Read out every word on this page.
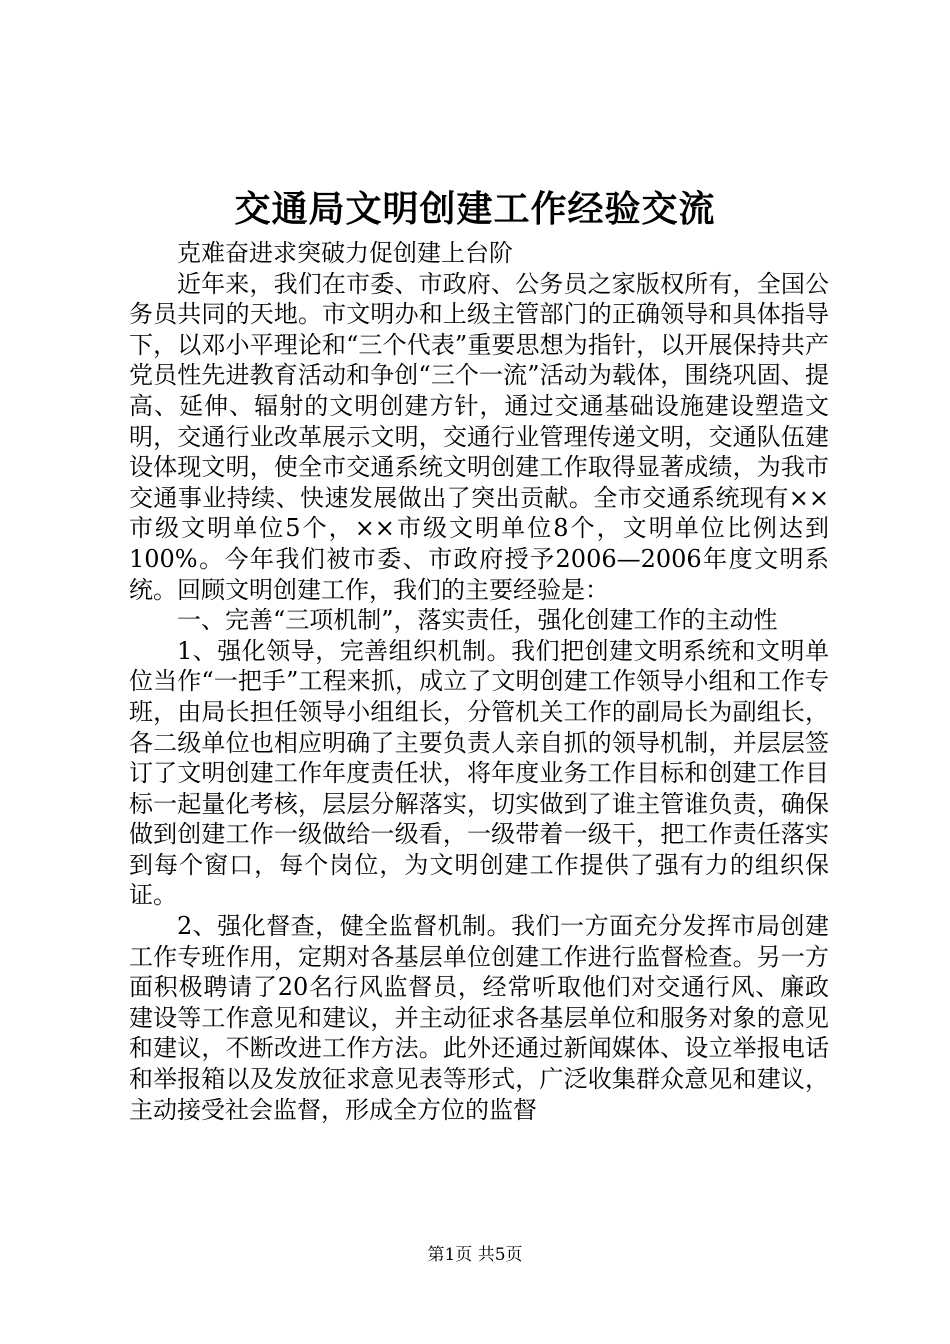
交通局文明创建工作经验交流

克难奋进求突破力促创建上台阶

近年来，我们在市委、市政府、公务员之家版权所有，全国公务员共同的天地。市文明办和上级主管部门的正确领导和具体指导下，以邓小平理论和“三个代表”重要思想为指针，以开展保持共产党员性先进教育活动和争创“三个一流”活动为载体，围绕巩固、提高、延伸、辐射的文明创建方针，通过交通基础设施建设塑造文明，交通行业改革展示文明，交通行业管理传递文明，交通队伍建设体现文明，使全市交通系统文明创建工作取得显著成绩，为我市交通事业持续、快速发展做出了突出贡献。全市交通系统现有××市级文明单位5个，××市级文明单位8个，文明单位比例达到100%。今年我们被市委、市政府授予2006—2006年度文明系统。回顾文明创建工作，我们的主要经验是：

一、完善“三项机制”，落实责任，强化创建工作的主动性

1、强化领导，完善组织机制。我们把创建文明系统和文明单位当作“一把手”工程来抓，成立了文明创建工作领导小组和工作专班，由局长担任领导小组组长，分管机关工作的副局长为副组长，各二级单位也相应明确了主要负责人亲自抓的领导机制，并层层签订了文明创建工作年度责任状，将年度业务工作目标和创建工作目标一起量化考核，层层分解落实，切实做到了谁主管谁负责，确保做到创建工作一级做给一级看，一级带着一级干，把工作责任落实到每个窗口，每个岗位，为文明创建工作提供了强有力的组织保证。

2、强化督查，健全监督机制。我们一方面充分发挥市局创建工作专班作用，定期对各基层单位创建工作进行监督检查。另一方面积极聘请了20名行风监督员，经常听取他们对交通行风、廉政建设等工作意见和建议，并主动征求各基层单位和服务对象的意见和建议，不断改进工作方法。此外还通过新闻媒体、设立举报电话和举报箱以及发放征求意见表等形式，广泛收集群众意见和建议，主动接受社会监督，形成全方位的监督

第1页 共5页
